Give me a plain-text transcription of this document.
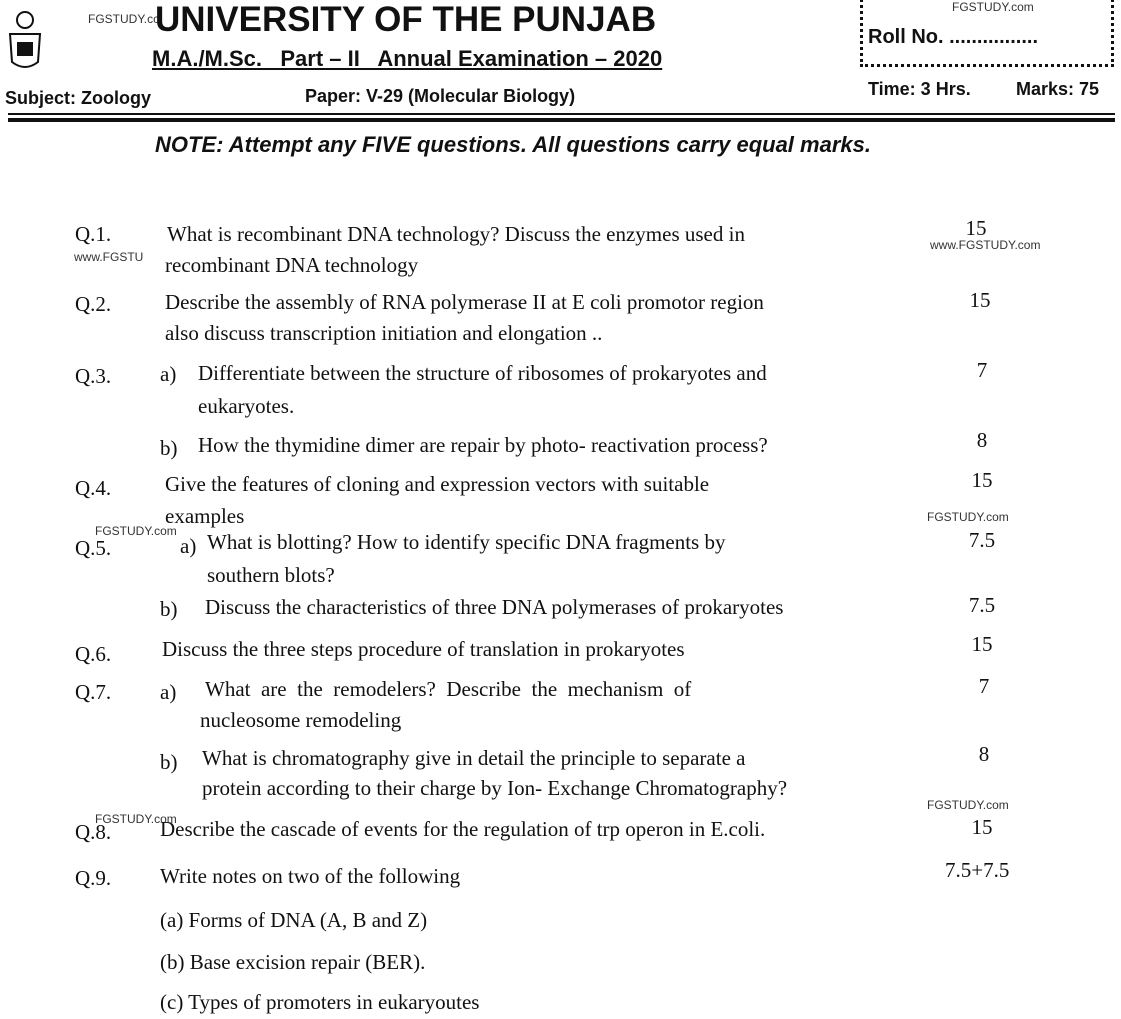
FGSTUDY.cc
UNIVERSITY OF THE PUNJAB
M.A./M.Sc.   Part – II   Annual Examination – 2020
Subject: Zoology	Paper: V-29 (Molecular Biology)
FGSTUDY.com
Roll No. ................
Time: 3 Hrs.	Marks: 75
NOTE: Attempt any FIVE questions. All questions carry equal marks.
Q.1.	What is recombinant DNA technology? Discuss the enzymes used in
www.FGSTU recombinant DNA technology
15
www.FGSTUDY.com
Q.2.	Describe the assembly of RNA polymerase II at E coli promotor region
also discuss transcription initiation and elongation ..
15
Q.3. a) Differentiate between the structure of ribosomes of prokaryotes and
eukaryotes.
7
b) How the thymidine dimer are repair by photo- reactivation process?	8
Q.4.	Give the features of cloning and expression vectors with suitable
examples
15
FGSTUDY.com
FGSTUDY.com
Q.5.	a) What is blotting? How to identify specific DNA fragments by
southern blots?
7.5
b) Discuss the characteristics of three DNA polymerases of prokaryotes	7.5
Q.6. Discuss the three steps procedure of translation in prokaryotes	15
Q.7. a) What  are  the  remodelers?  Describe  the  mechanism  of
nucleosome remodeling
7
b) What is chromatography give in detail the principle to separate a
protein according to their charge by Ion- Exchange Chromatography?
8
FGSTUDY.com
FGSTUDY.com
Q.8. Describe the cascade of events for the regulation of trp operon in E.coli.	15
Q.9. Write notes on two of the following	7.5+7.5
(a) Forms of DNA (A, B and Z)
(b) Base excision repair (BER).
(c) Types of promoters in eukaryoutes
